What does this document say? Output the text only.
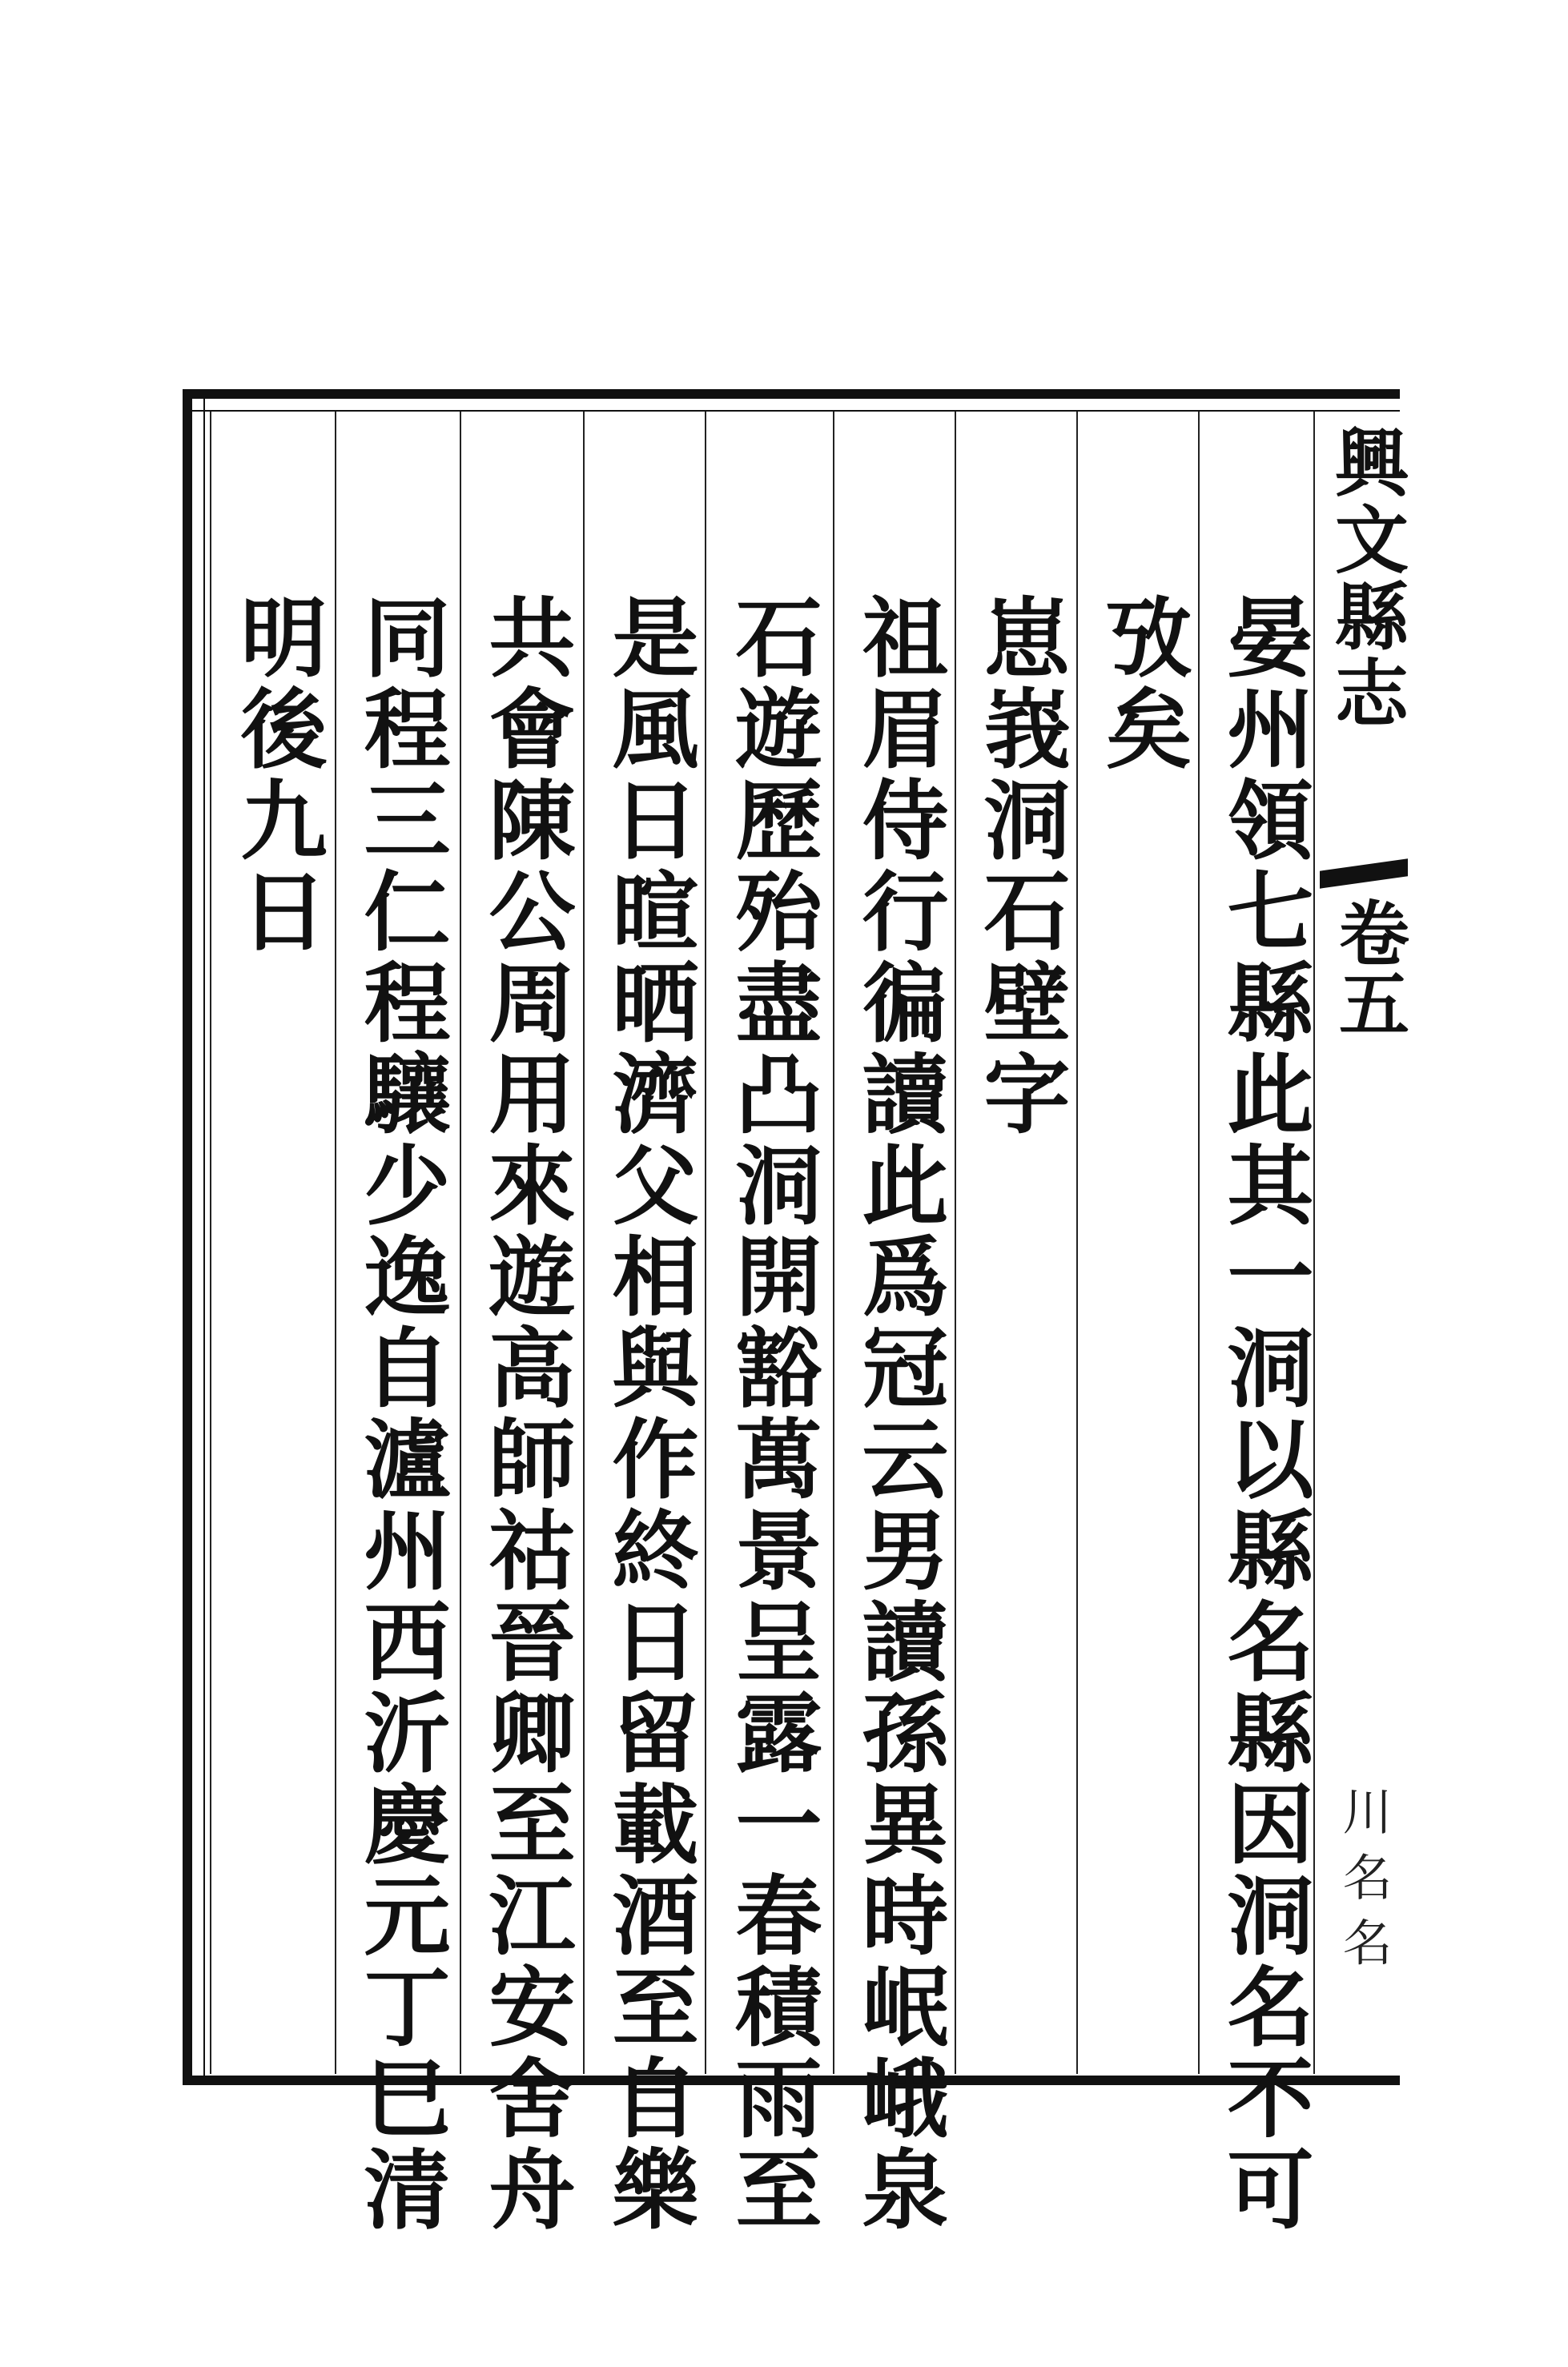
興文縣志
卷五
川 名 名
晏州領七縣此其一洞以縣名縣因洞名不可
攷矣
崽峩洞石壁字
祖眉侍行徧讀此爲冠云男讀孫異時岷峨泉
石遊歷殆盡凸洞開豁萬景呈露一春積雨至
是風日暄晒濟父相與作終日留載酒至自樂
共會陳公周用來遊高師祜晉卿至江安舍舟
同程三仁程驤少逸自瀘州西沂慶元丁巳清
明後九日
